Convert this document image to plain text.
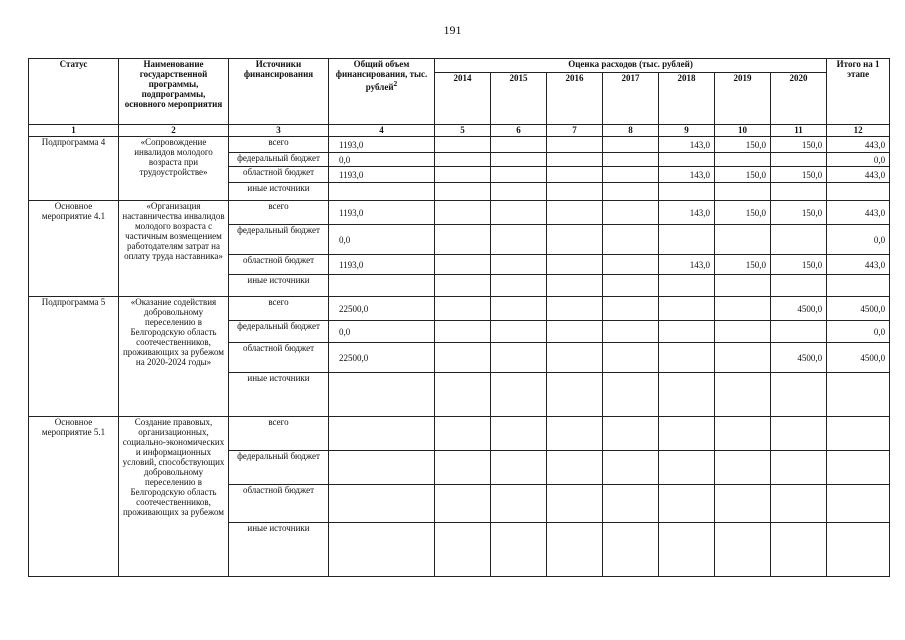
191
Статус	Наименование государственной программы, подпрограммы, основного мероприятия	Источники финансирования	Общий объем финансирования, тыс. рублей$^2$	Оценка расходов (тыс. рублей)							Итого на 1 этапе
				2014	2015	2016	2017	2018	2019	2020	
1	2	3	4	5	6	7	8	9	10	11	12
Подпрограмма 4	«Сопровождение инвалидов молодого возраста при трудоустройстве»	всего	1193,0					143,0	150,0	150,0	443,0
		федеральный бюджет	0,0								0,0
		областной бюджет	1193,0					143,0	150,0	150,0	443,0
		иные источники									
Основное мероприятие 4.1	«Организация наставничества инвалидов молодого возраста с частичным возмещением работодателям затрат на оплату труда наставника»	всего	1193,0					143,0	150,0	150,0	443,0
		федеральный бюджет	0,0								0,0
		областной бюджет	1193,0					143,0	150,0	150,0	443,0
		иные источники									
Подпрограмма 5	«Оказание содействия добровольному переселению в Белгородскую область соотечественников, проживающих за рубежом на 2020-2024 годы»	всего	22500,0							4500,0	4500,0
		федеральный бюджет	0,0								0,0
		областной бюджет	22500,0							4500,0	4500,0
		иные источники									
Основное мероприятие 5.1	Создание правовых, организационных, социально-экономических и информационных условий, способствующих добровольному переселению в Белгородскую область соотечественников, проживающих за рубежом	всего									
		федеральный бюджет									
		областной бюджет									
		иные источники									
